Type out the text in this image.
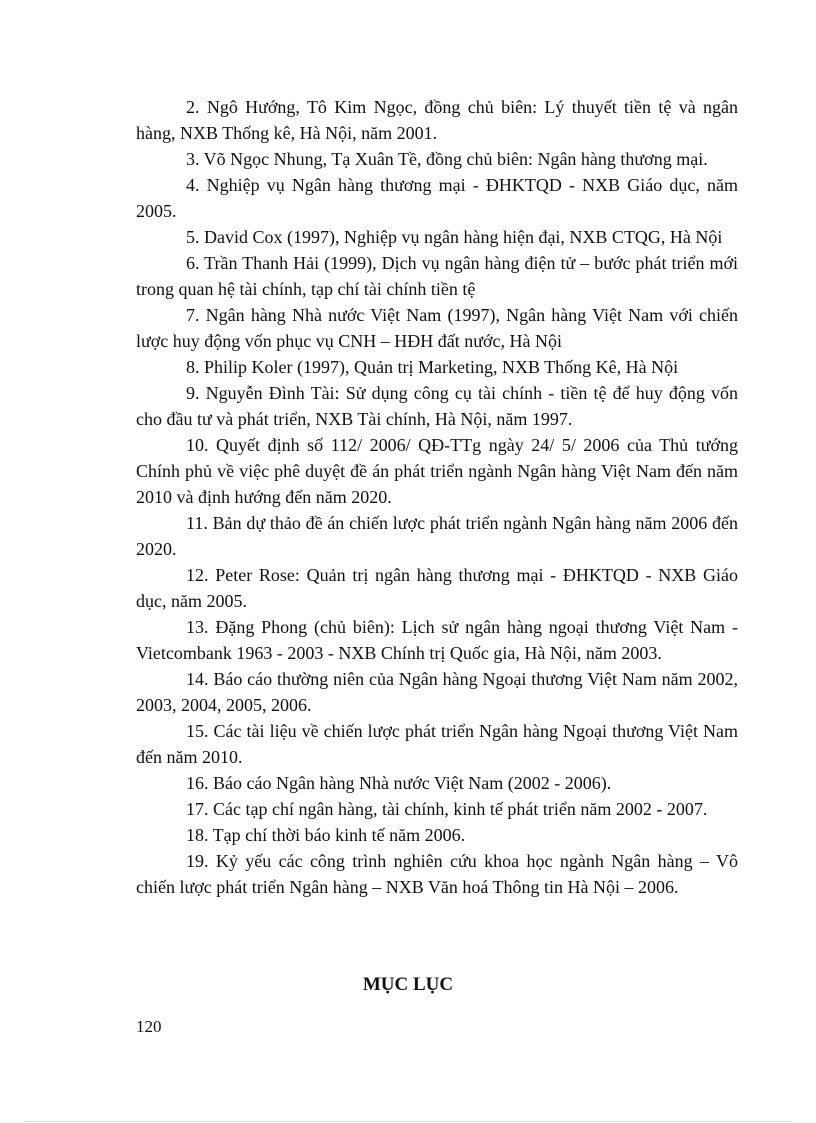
2. Ngô Hướng, Tô Kim Ngọc, đồng chủ biên: Lý thuyết tiền tệ và ngân hàng, NXB Thống kê, Hà Nội, năm 2001.

3. Võ Ngọc Nhung, Tạ Xuân Tề, đồng chủ biên: Ngân hàng thương mại.

4. Nghiệp vụ Ngân hàng thương mại - ĐHKTQD - NXB Giáo dục, năm 2005.

5. David Cox (1997), Nghiệp vụ ngân hàng hiện đại, NXB CTQG, Hà Nội

6. Trần Thanh Hải (1999), Dịch vụ ngân hàng điện tử – bước phát triển mới trong quan hệ tài chính, tạp chí tài chính tiền tệ

7. Ngân hàng Nhà nước Việt Nam (1997), Ngân hàng Việt Nam với chiến lược huy động vốn phục vụ CNH – HĐH đất nước, Hà Nội

8. Philip Koler (1997), Quản trị Marketing, NXB Thống Kê, Hà Nội

9. Nguyễn Đình Tài: Sử dụng công cụ tài chính - tiền tệ để huy động vốn cho đầu tư và phát triển, NXB Tài chính, Hà Nội, năm 1997.

10. Quyết định số 112/ 2006/ QĐ-TTg ngày 24/ 5/ 2006 của Thủ tướng Chính phủ về việc phê duyệt đề án phát triển ngành Ngân hàng Việt Nam đến năm 2010 và định hướng đến năm 2020.

11. Bản dự thảo đề án chiến lược phát triển ngành Ngân hàng năm 2006 đến 2020.

12. Peter Rose: Quản trị ngân hàng thương mại - ĐHKTQD - NXB Giáo dục, năm 2005.

13. Đặng Phong (chủ biên): Lịch sử ngân hàng ngoại thương Việt Nam - Vietcombank 1963 - 2003 - NXB Chính trị Quốc gia, Hà Nội, năm 2003.

14. Báo cáo thường niên của Ngân hàng Ngoại thương Việt Nam năm 2002, 2003, 2004, 2005, 2006.

15. Các tài liệu về chiến lược phát triển Ngân hàng Ngoại thương Việt Nam đến năm 2010.

16. Báo cáo Ngân hàng Nhà nước Việt Nam (2002 - 2006).

17. Các tạp chí ngân hàng, tài chính, kinh tế phát triển năm 2002 - 2007.

18. Tạp chí thời báo kinh tế năm 2006.

19. Kỷ yếu các công trình nghiên cứu khoa học ngành Ngân hàng – Vô chiến lược phát triển Ngân hàng – NXB Văn hoá Thông tin Hà Nội – 2006.

MỤC LỤC
120
